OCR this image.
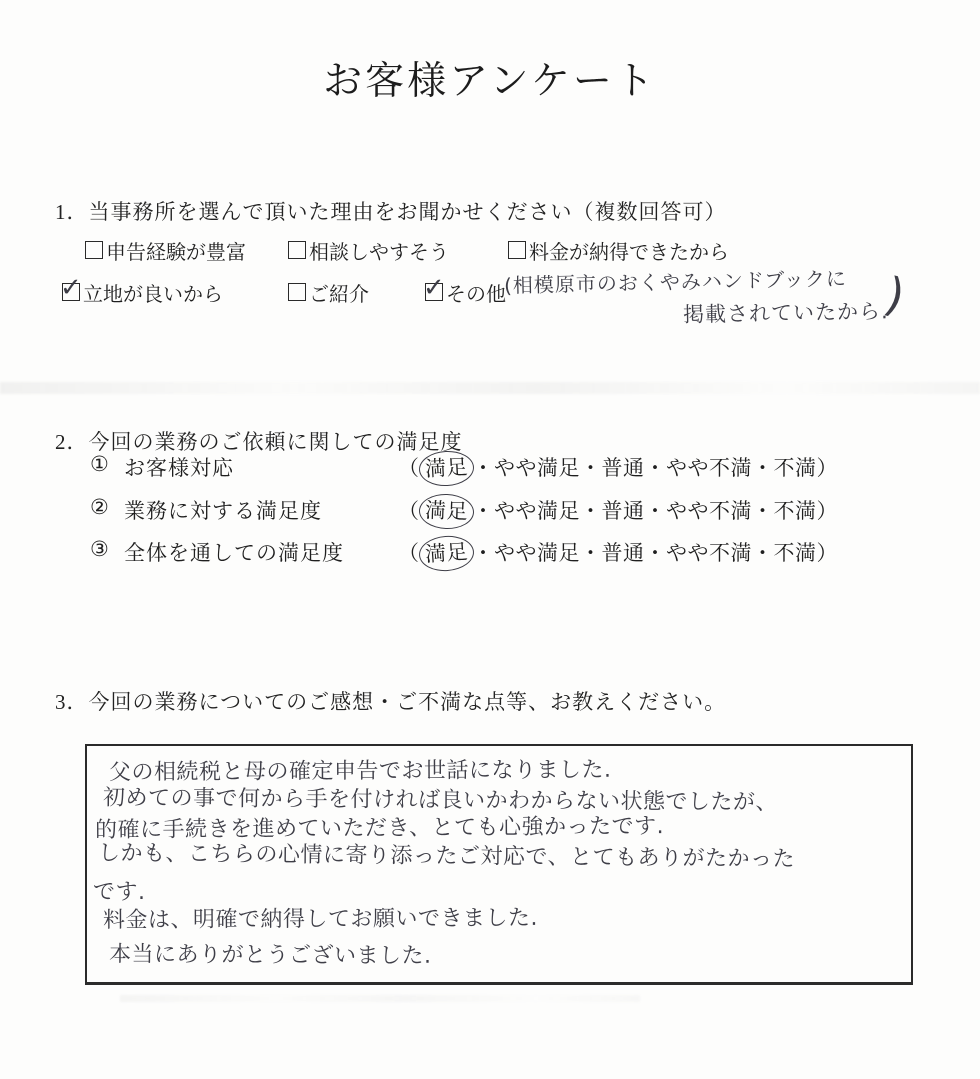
お客様アンケート
1．当事務所を選んで頂いた理由をお聞かせください（複数回答可）
申告経験が豊富	相談しやすそう	料金が納得できたから
✓ 立地が良いから	ご紹介 ✓ その他
(相模原市のおくやみハンドブックに
掲載されていたから.
)
2．今回の業務のご依頼に関しての満足度
① お客様対応	（ 満足 ・やや満足・普通・やや不満・不満）
② 業務に対する満足度	（ 満足 ・やや満足・普通・やや不満・不満）
③ 全体を通しての満足度	（ 満足 ・やや満足・普通・やや不満・不満）
3．今回の業務についてのご感想・ご不満な点等、お教えください。
父の相続税と母の確定申告でお世話になりました.
初めての事で何から手を付ければ良いかわからない状態でしたが、
的確に手続きを進めていただき、とても心強かったです.
しかも、こちらの心情に寄り添ったご対応で、とてもありがたかった
です.
料金は、明確で納得してお願いできました.
本当にありがとうございました.
